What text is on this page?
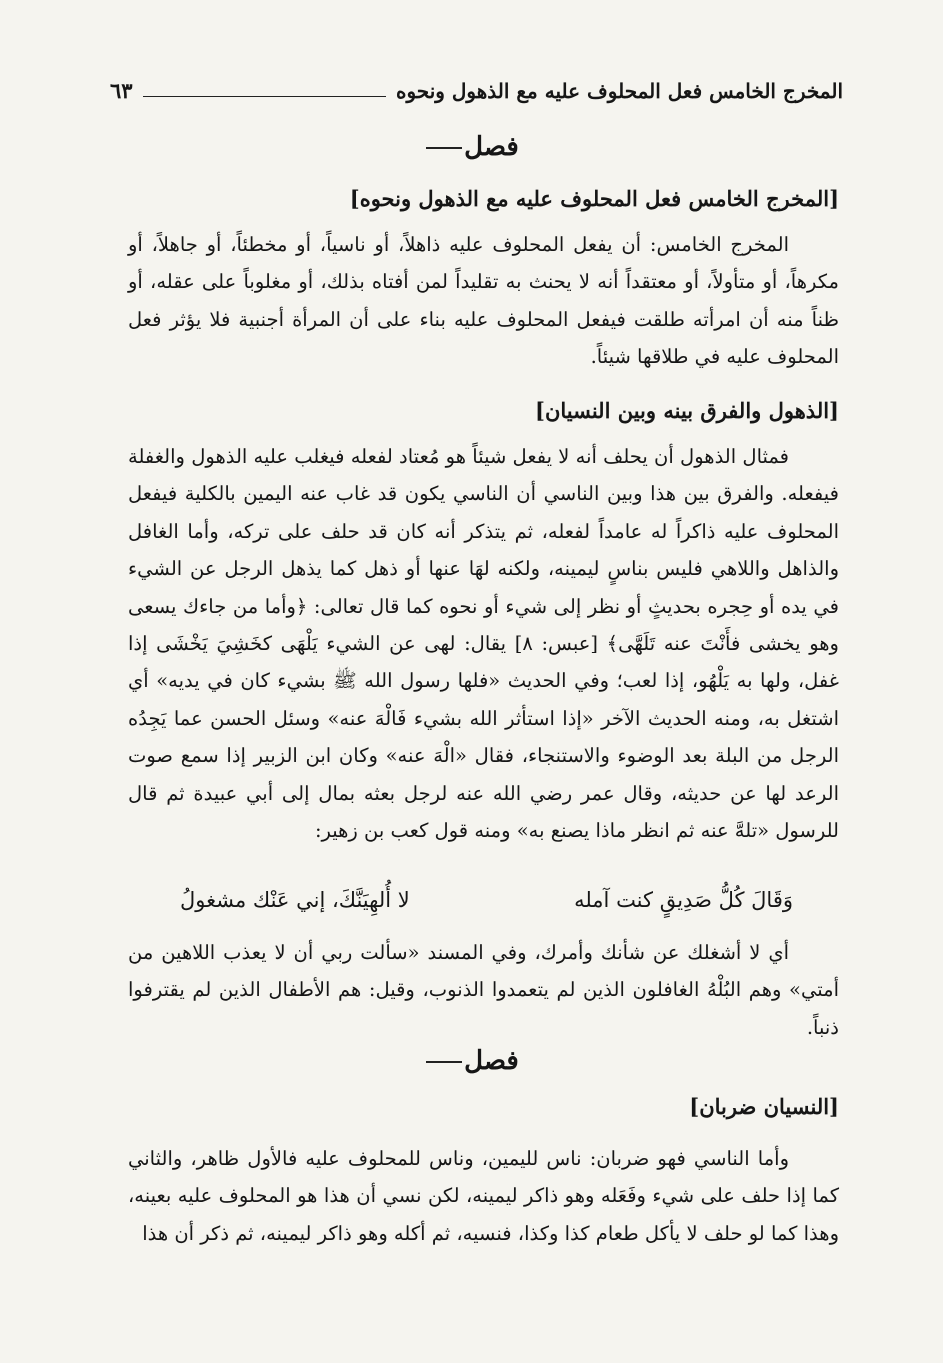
المخرج الخامس فعل المحلوف عليه مع الذهول ونحوه
٦٣
فصل
[المخرج الخامس فعل المحلوف عليه مع الذهول ونحوه]
المخرج الخامس: أن يفعل المحلوف عليه ذاهلاً، أو ناسياً، أو مخطئاً، أو جاهلاً، أو مكرهاً، أو متأولاً، أو معتقداً أنه لا يحنث به تقليداً لمن أفتاه بذلك، أو مغلوباً على عقله، أو ظناً منه أن امرأته طلقت فيفعل المحلوف عليه بناء على أن المرأة أجنبية فلا يؤثر فعل المحلوف عليه في طلاقها شيئاً.
[الذهول والفرق بينه وبين النسيان]
فمثال الذهول أن يحلف أنه لا يفعل شيئاً هو مُعتاد لفعله فيغلب عليه الذهول والغفلة فيفعله. والفرق بين هذا وبين الناسي أن الناسي يكون قد غاب عنه اليمين بالكلية فيفعل المحلوف عليه ذاكراً له عامداً لفعله، ثم يتذكر أنه كان قد حلف على تركه، وأما الغافل والذاهل واللاهي فليس بناسٍ ليمينه، ولكنه لهَا عنها أو ذهل كما يذهل الرجل عن الشيء في يده أو حِجره بحديثٍ أو نظر إلى شيء أو نحوه كما قال تعالى: ﴿وأما من جاءك يسعى وهو يخشى فأَنْتَ عنه تَلَهَّى﴾ [عبس: ٨] يقال: لهى عن الشيء يَلْهَى كخَشِيَ يَخْشَى إذا غفل، ولها به يَلْهُو، إذا لعب؛ وفي الحديث «فلها رسول الله ﷺ بشيء كان في يديه» أي اشتغل به، ومنه الحديث الآخر «إذا استأثر الله بشيء فَالْهَ عنه» وسئل الحسن عما يَجِدُه الرجل من البلة بعد الوضوء والاستنجاء، فقال «الْهَ عنه» وكان ابن الزبير إذا سمع صوت الرعد لها عن حديثه، وقال عمر رضي الله عنه لرجل بعثه بمال إلى أبي عبيدة ثم قال للرسول «تلهَّ عنه ثم انظر ماذا يصنع به» ومنه قول كعب بن زهير:
وَقَالَ كُلُّ صَدِيقٍ كنت آمله
لا أُلهِيَنَّكَ، إني عَنْك مشغولُ
أي لا أشغلك عن شأنك وأمرك، وفي المسند «سألت ربي أن لا يعذب اللاهين من أمتي» وهم البُلْهُ الغافلون الذين لم يتعمدوا الذنوب، وقيل: هم الأطفال الذين لم يقترفوا ذنباً.
فصل
[النسيان ضربان]
وأما الناسي فهو ضربان: ناس لليمين، وناس للمحلوف عليه فالأول ظاهر، والثاني كما إذا حلف على شيء وفَعَله وهو ذاكر ليمينه، لكن نسي أن هذا هو المحلوف عليه بعينه، وهذا كما لو حلف لا يأكل طعام كذا وكذا، فنسيه، ثم أكله وهو ذاكر ليمينه، ثم ذكر أن هذا
